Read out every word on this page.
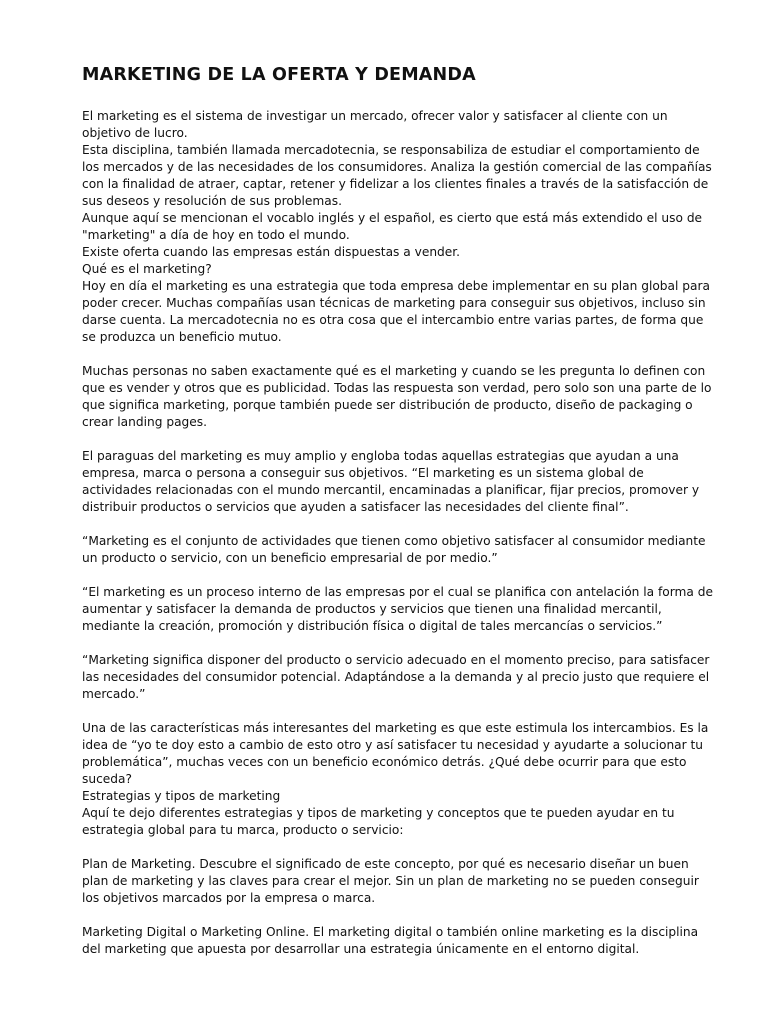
MARKETING DE LA OFERTA Y DEMANDA

El marketing es el sistema de investigar un mercado, ofrecer valor y satisfacer al cliente con un objetivo de lucro.

Esta disciplina, también llamada mercadotecnia, se responsabiliza de estudiar el comportamiento de los mercados y de las necesidades de los consumidores. Analiza la gestión comercial de las compañías con la finalidad de atraer, captar, retener y fidelizar a los clientes finales a través de la satisfacción de sus deseos y resolución de sus problemas.

Aunque aquí se mencionan el vocablo inglés y el español, es cierto que está más extendido el uso de "marketing" a día de hoy en todo el mundo.

Existe oferta cuando las empresas están dispuestas a vender.

Qué es el marketing?

Hoy en día el marketing es una estrategia que toda empresa debe implementar en su plan global para poder crecer. Muchas compañías usan técnicas de marketing para conseguir sus objetivos, incluso sin darse cuenta. La mercadotecnia no es otra cosa que el intercambio entre varias partes, de forma que se produzca un beneficio mutuo.

Muchas personas no saben exactamente qué es el marketing y cuando se les pregunta lo definen con que es vender y otros que es publicidad. Todas las respuesta son verdad, pero solo son una parte de lo que significa marketing, porque también puede ser distribución de producto, diseño de packaging o crear landing pages.

El paraguas del marketing es muy amplio y engloba todas aquellas estrategias que ayudan a una empresa, marca o persona a conseguir sus objetivos. “El marketing es un sistema global de actividades relacionadas con el mundo mercantil, encaminadas a planificar, fijar precios, promover y distribuir productos o servicios que ayuden a satisfacer las necesidades del cliente final”.

“Marketing es el conjunto de actividades que tienen como objetivo satisfacer al consumidor mediante un producto o servicio, con un beneficio empresarial de por medio.”

“El marketing es un proceso interno de las empresas por el cual se planifica con antelación la forma de aumentar y satisfacer la demanda de productos y servicios que tienen una finalidad mercantil, mediante la creación, promoción y distribución física o digital de tales mercancías o servicios.”

“Marketing significa disponer del producto o servicio adecuado en el momento preciso, para satisfacer las necesidades del consumidor potencial. Adaptándose a la demanda y al precio justo que requiere el mercado.”

Una de las características más interesantes del marketing es que este estimula los intercambios. Es la idea de “yo te doy esto a cambio de esto otro y así satisfacer tu necesidad y ayudarte a solucionar tu problemática”, muchas veces con un beneficio económico detrás. ¿Qué debe ocurrir para que esto suceda?

Estrategias y tipos de marketing

Aquí te dejo diferentes estrategias y tipos de marketing y conceptos que te pueden ayudar en tu estrategia global para tu marca, producto o servicio:

Plan de Marketing. Descubre el significado de este concepto, por qué es necesario diseñar un buen plan de marketing y las claves para crear el mejor. Sin un plan de marketing no se pueden conseguir los objetivos marcados por la empresa o marca.

Marketing Digital o Marketing Online. El marketing digital o también online marketing es la disciplina del marketing que apuesta por desarrollar una estrategia únicamente en el entorno digital.
